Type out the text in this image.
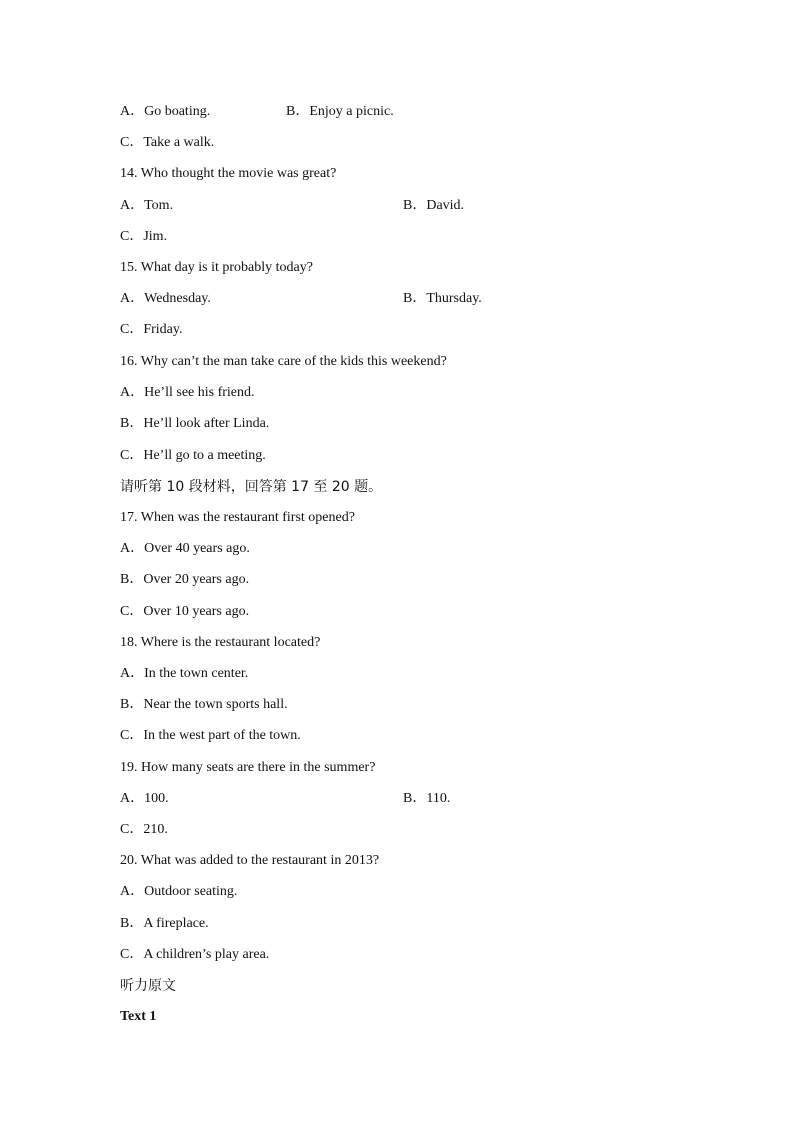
A．Go boating.	B．Enjoy a picnic.
C．Take a walk.
14. Who thought the movie was great?
A．Tom.	B．David.
C．Jim.
15. What day is it probably today?
A．Wednesday.	B．Thursday.
C．Friday.
16. Why can’t the man take care of the kids this weekend?
A．He’ll see his friend.
B．He’ll look after Linda.
C．He’ll go to a meeting.
请听第 10 段材料，回答第 17 至 20 题。
17. When was the restaurant first opened?
A．Over 40 years ago.
B．Over 20 years ago.
C．Over 10 years ago.
18. Where is the restaurant located?
A．In the town center.
B．Near the town sports hall.
C．In the west part of the town.
19. How many seats are there in the summer?
A．100.	B．110.
C．210.
20. What was added to the restaurant in 2013?
A．Outdoor seating.
B．A fireplace.
C．A children’s play area.
听力原文
Text 1
